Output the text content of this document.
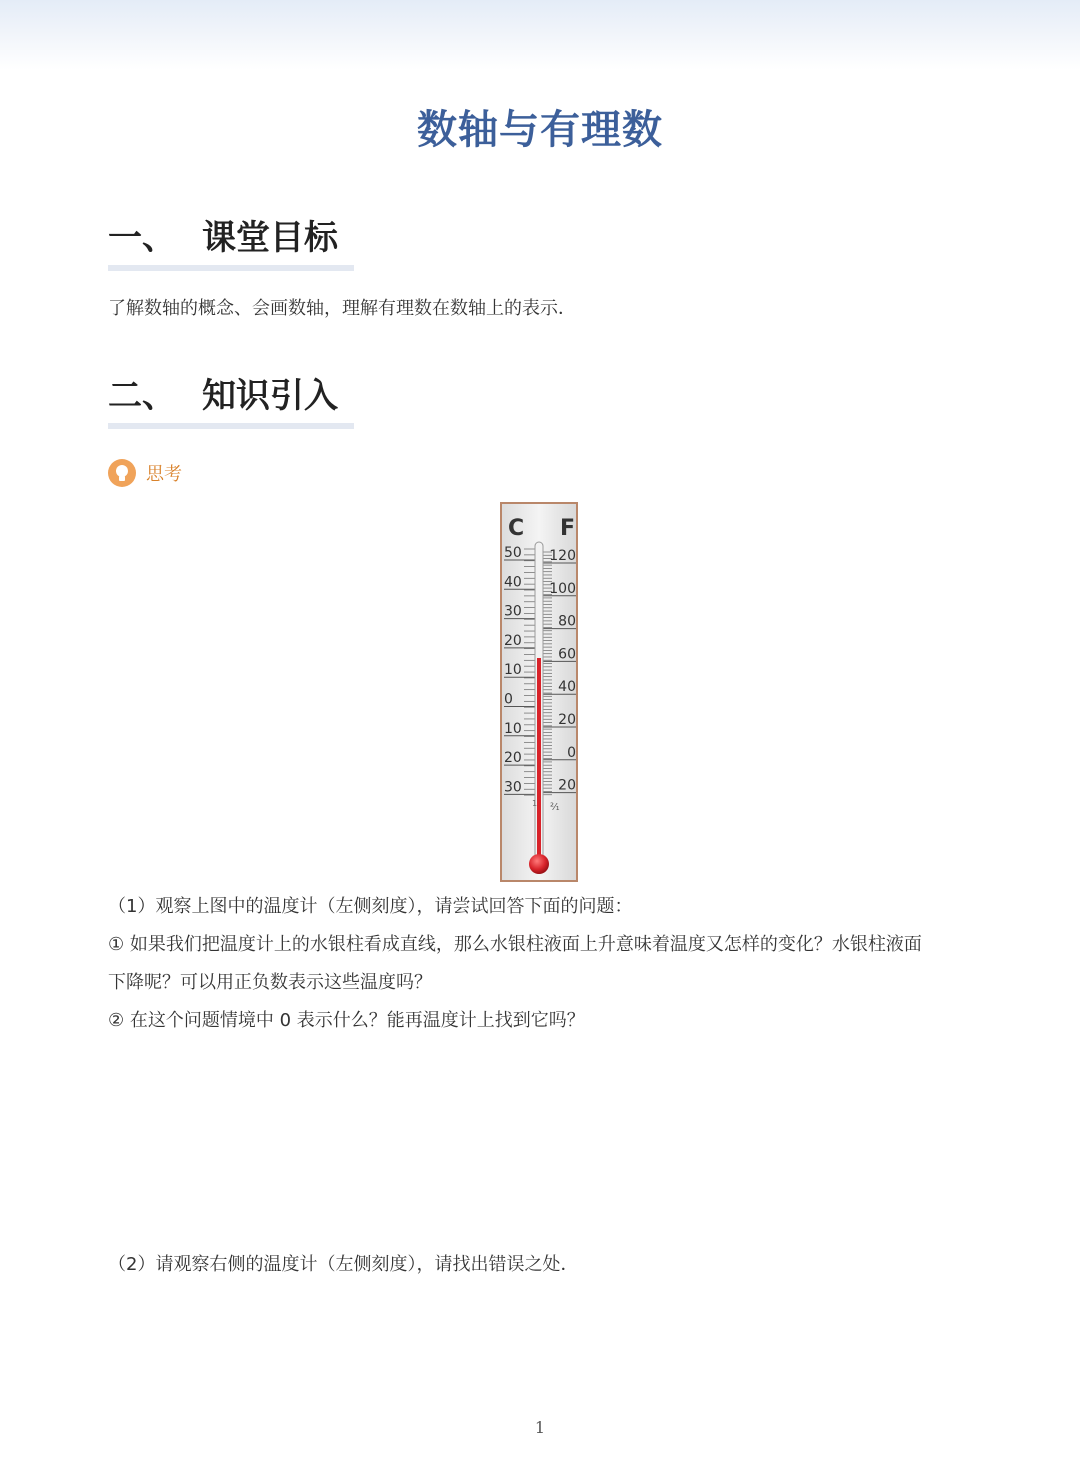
数轴与有理数
一、 课堂目标
了解数轴的概念、会画数轴，理解有理数在数轴上的表示．
二、 知识引入
思考
50
40
30
20
10
0
10
20
30
120
100
80
60
40
20
0
20
C F
1 ²⁄₁
（1）观察上图中的温度计（左侧刻度），请尝试回答下面的问题：
① 如果我们把温度计上的水银柱看成直线，那么水银柱液面上升意味着温度又怎样的变化？水银柱液面
下降呢？可以用正负数表示这些温度吗？
② 在这个问题情境中 0 表示什么？能再温度计上找到它吗？
（2）请观察右侧的温度计（左侧刻度），请找出错误之处．
1
